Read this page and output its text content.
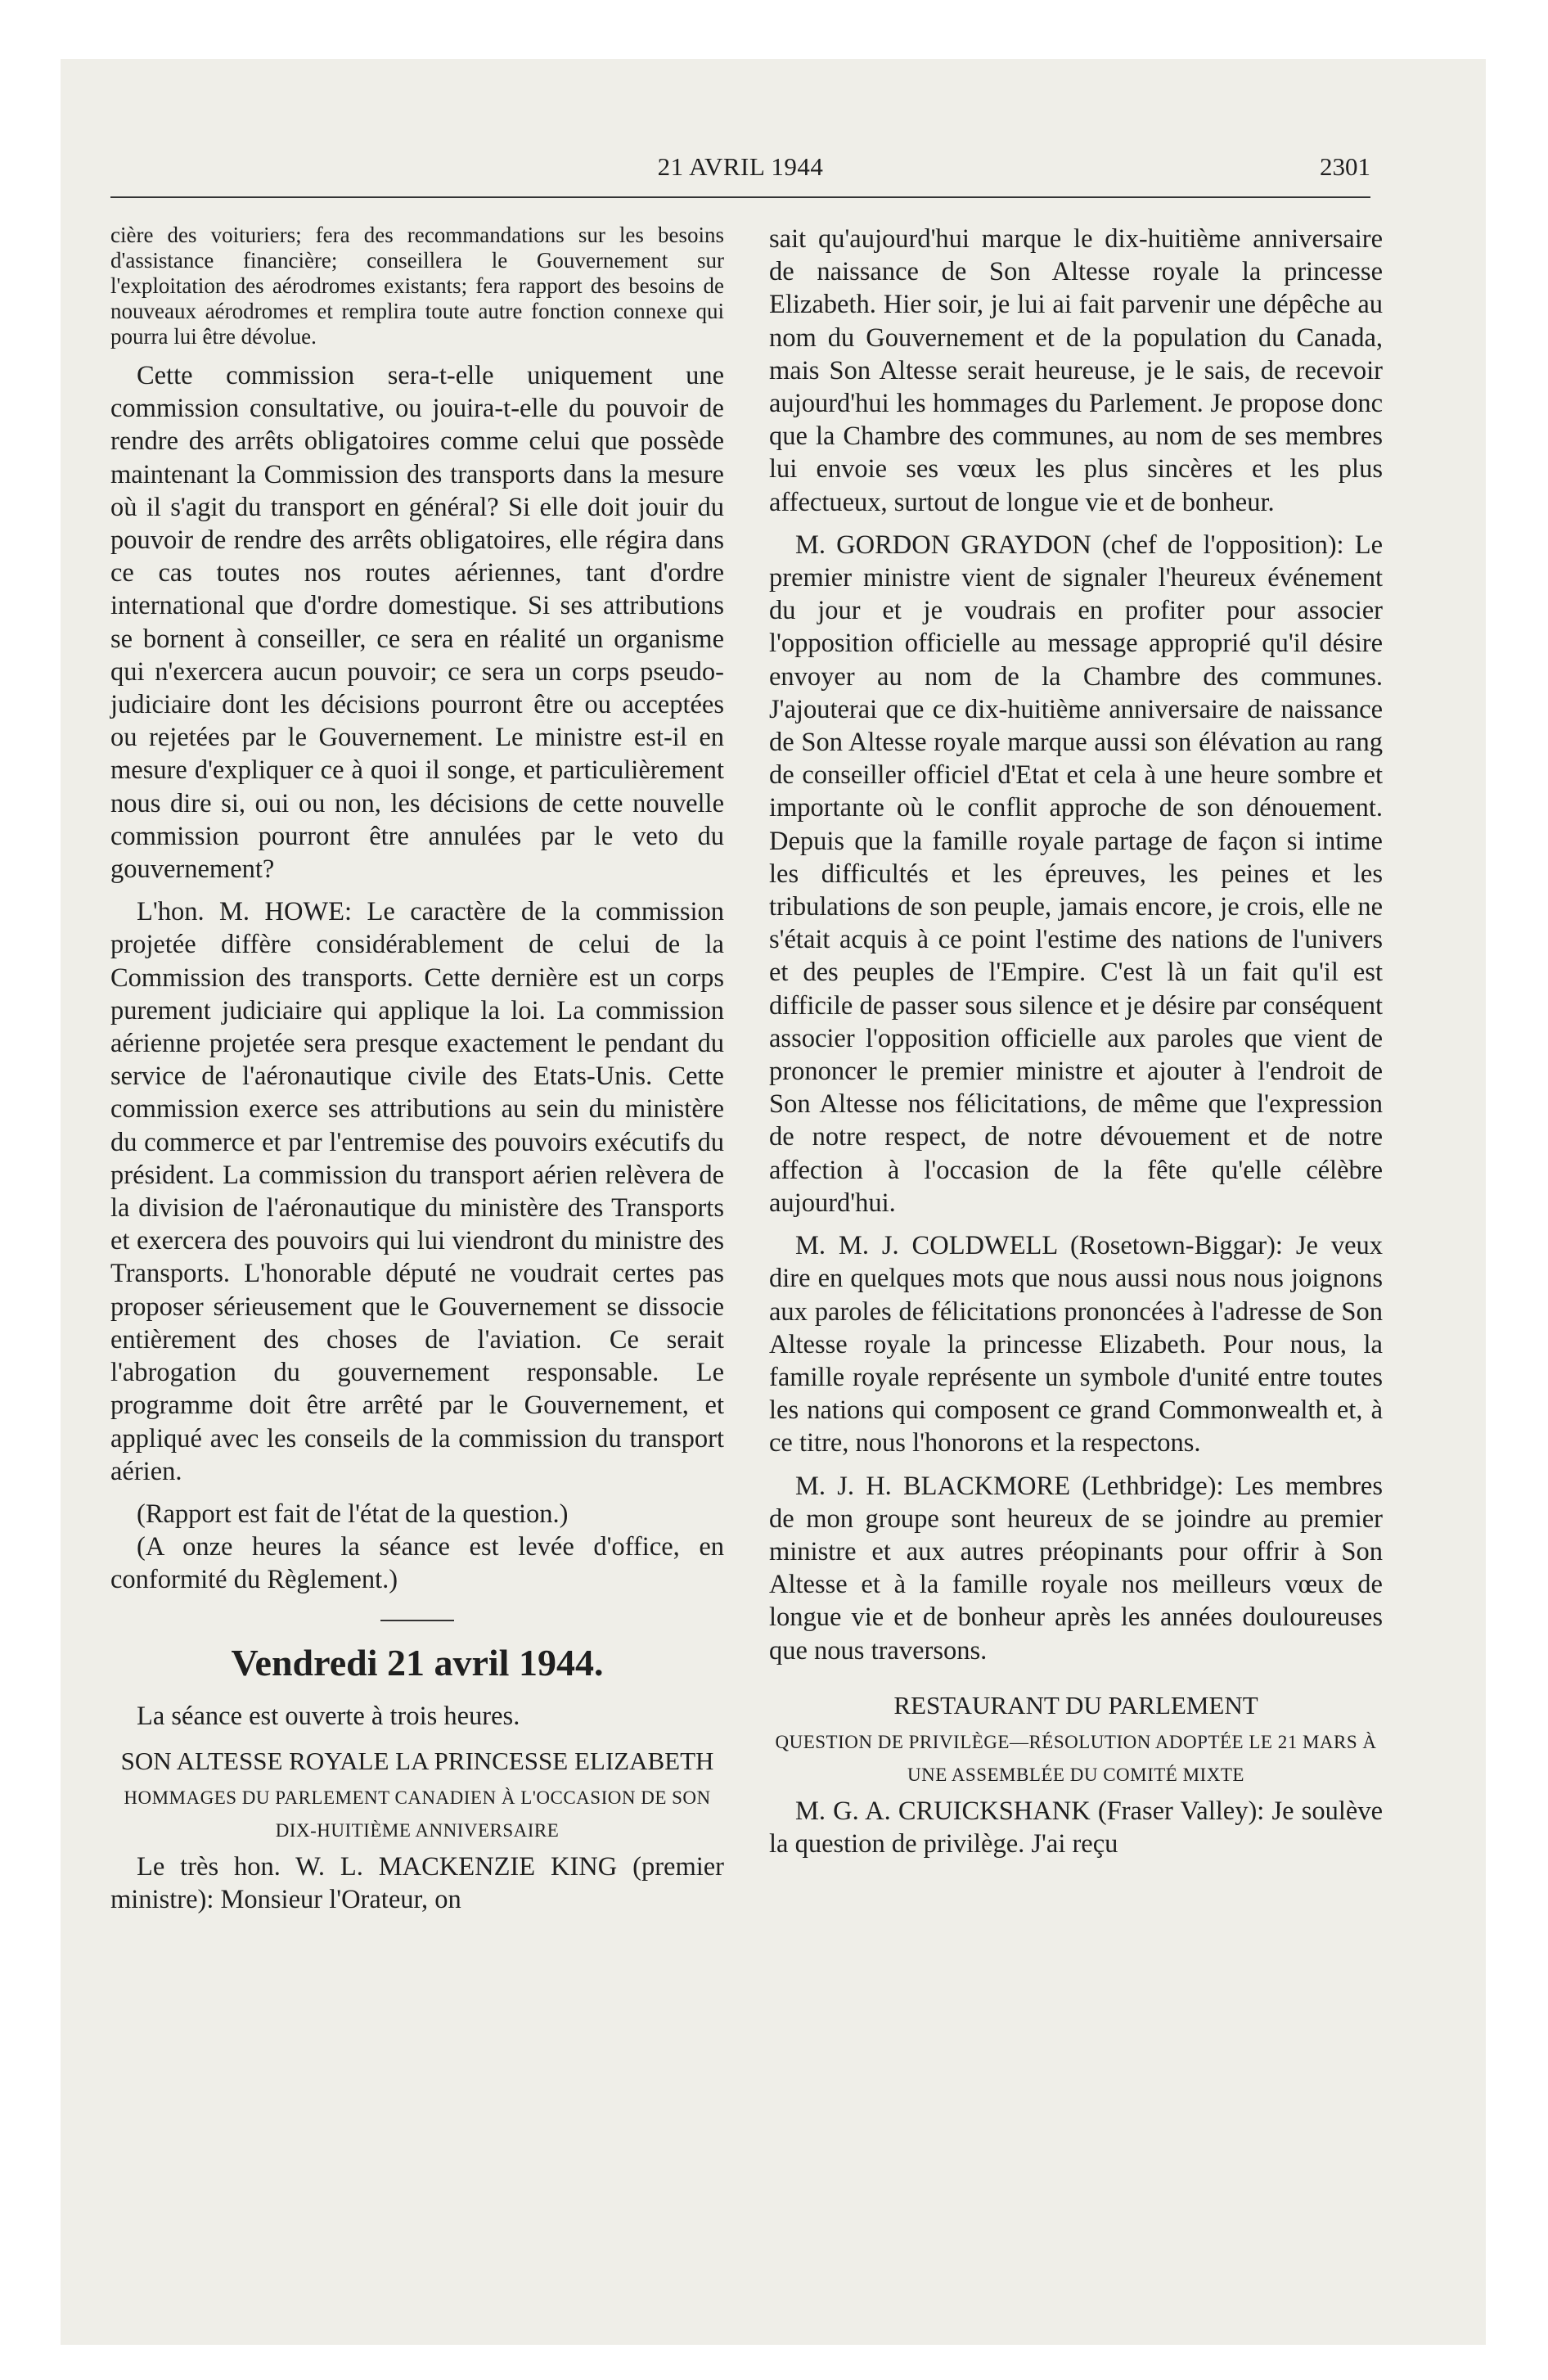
21 AVRIL 1944	2301

cière des voituriers; fera des recommandations sur les besoins d'assistance financière; conseillera le Gouvernement sur l'exploitation des aérodromes existants; fera rapport des besoins de nouveaux aérodromes et remplira toute autre fonction connexe qui pourra lui être dévolue.

Cette commission sera-t-elle uniquement une commission consultative, ou jouira-t-elle du pouvoir de rendre des arrêts obligatoires comme celui que possède maintenant la Commission des transports dans la mesure où il s'agit du transport en général? Si elle doit jouir du pouvoir de rendre des arrêts obligatoires, elle régira dans ce cas toutes nos routes aériennes, tant d'ordre international que d'ordre domestique. Si ses attributions se bornent à conseiller, ce sera en réalité un organisme qui n'exercera aucun pouvoir; ce sera un corps pseudo-judiciaire dont les décisions pourront être ou acceptées ou rejetées par le Gouvernement. Le ministre est-il en mesure d'expliquer ce à quoi il songe, et particulièrement nous dire si, oui ou non, les décisions de cette nouvelle commission pourront être annulées par le veto du gouvernement?

L'hon. M. HOWE: Le caractère de la commission projetée diffère considérablement de celui de la Commission des transports. Cette dernière est un corps purement judiciaire qui applique la loi. La commission aérienne projetée sera presque exactement le pendant du service de l'aéronautique civile des Etats-Unis. Cette commission exerce ses attributions au sein du ministère du commerce et par l'entremise des pouvoirs exécutifs du président. La commission du transport aérien relèvera de la division de l'aéronautique du ministère des Transports et exercera des pouvoirs qui lui viendront du ministre des Transports. L'honorable député ne voudrait certes pas proposer sérieusement que le Gouvernement se dissocie entièrement des choses de l'aviation. Ce serait l'abrogation du gouvernement responsable. Le programme doit être arrêté par le Gouvernement, et appliqué avec les conseils de la commission du transport aérien.

(Rapport est fait de l'état de la question.)

(A onze heures la séance est levée d'office, en conformité du Règlement.)

Vendredi 21 avril 1944.

La séance est ouverte à trois heures.

SON ALTESSE ROYALE LA PRINCESSE ELIZABETH
HOMMAGES DU PARLEMENT CANADIEN À L'OCCASION DE SON DIX-HUITIÈME ANNIVERSAIRE

Le très hon. W. L. MACKENZIE KING (premier ministre): Monsieur l'Orateur, on

sait qu'aujourd'hui marque le dix-huitième anniversaire de naissance de Son Altesse royale la princesse Elizabeth. Hier soir, je lui ai fait parvenir une dépêche au nom du Gouvernement et de la population du Canada, mais Son Altesse serait heureuse, je le sais, de recevoir aujourd'hui les hommages du Parlement. Je propose donc que la Chambre des communes, au nom de ses membres lui envoie ses vœux les plus sincères et les plus affectueux, surtout de longue vie et de bonheur.

M. GORDON GRAYDON (chef de l'opposition): Le premier ministre vient de signaler l'heureux événement du jour et je voudrais en profiter pour associer l'opposition officielle au message approprié qu'il désire envoyer au nom de la Chambre des communes. J'ajouterai que ce dix-huitième anniversaire de naissance de Son Altesse royale marque aussi son élévation au rang de conseiller officiel d'Etat et cela à une heure sombre et importante où le conflit approche de son dénouement. Depuis que la famille royale partage de façon si intime les difficultés et les épreuves, les peines et les tribulations de son peuple, jamais encore, je crois, elle ne s'était acquis à ce point l'estime des nations de l'univers et des peuples de l'Empire. C'est là un fait qu'il est difficile de passer sous silence et je désire par conséquent associer l'opposition officielle aux paroles que vient de prononcer le premier ministre et ajouter à l'endroit de Son Altesse nos félicitations, de même que l'expression de notre respect, de notre dévouement et de notre affection à l'occasion de la fête qu'elle célèbre aujourd'hui.

M. M. J. COLDWELL (Rosetown-Biggar): Je veux dire en quelques mots que nous aussi nous nous joignons aux paroles de félicitations prononcées à l'adresse de Son Altesse royale la princesse Elizabeth. Pour nous, la famille royale représente un symbole d'unité entre toutes les nations qui composent ce grand Commonwealth et, à ce titre, nous l'honorons et la respectons.

M. J. H. BLACKMORE (Lethbridge): Les membres de mon groupe sont heureux de se joindre au premier ministre et aux autres préopinants pour offrir à Son Altesse et à la famille royale nos meilleurs vœux de longue vie et de bonheur après les années douloureuses que nous traversons.

RESTAURANT DU PARLEMENT
QUESTION DE PRIVILÈGE—RÉSOLUTION ADOPTÉE LE 21 MARS À UNE ASSEMBLÉE DU COMITÉ MIXTE

M. G. A. CRUICKSHANK (Fraser Valley): Je soulève la question de privilège. J'ai reçu
